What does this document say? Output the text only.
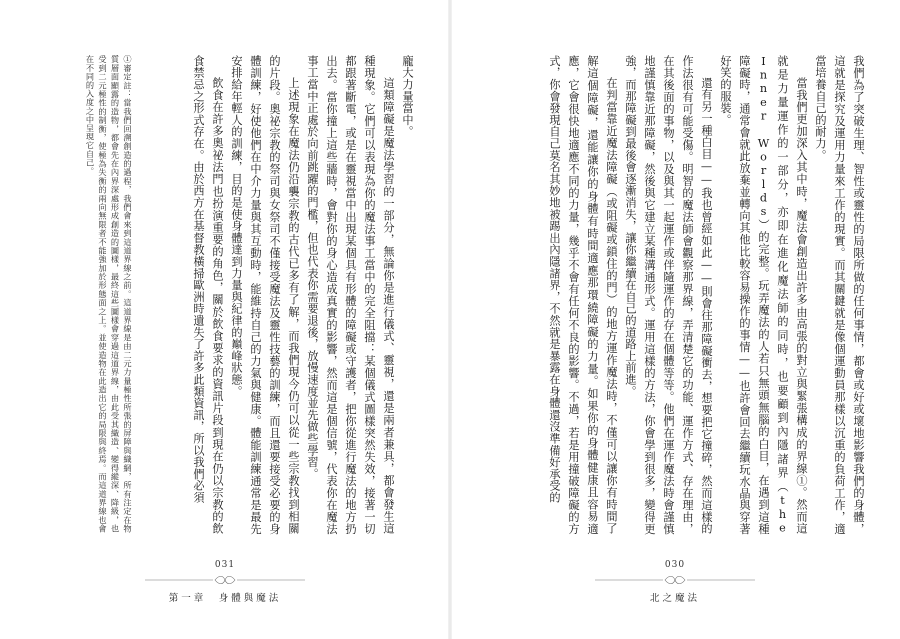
龐大力量當中。

這類障礙是魔法學習的一部分，無論你是進行儀式、靈視，還是兩者兼具，都會發生這種現象。它們可以表現為你的魔法事工當中的完全阻擋：某個儀式圖樣突然失效，接著一切都跟著斷電，或是在靈視當中出現某個具有形體的障礙或守護者，把你從進行魔法的地方扔出去。當你撞上這些牆時，會對你的身心造成真實的影響，然而這是個信號，代表你在魔法事工當中正處於向前跳躍的門檻，但也代表你需要退後，放慢速度並先做些學習。

上述現象在魔法仍沿襲宗教的古代已多有了解，而我們現今仍可以從一些宗教找到相關的片段。奧祕宗教的祭司與女祭司不僅接受魔法及靈性技藝的訓練，而且還要接受必要的身體訓練，好使他們在中介力量與其互動時，能維持自己的力氣與健康。體能訓練通常是最先安排給年輕人的訓練，目的是使身體達到力量與紀律的巔峰狀態。

飲食在許多奧祕法門也扮演重要的角色，關於飲食要求的資訊片段到現在仍以宗教的飲食禁忌之形式存在。由於西方在基督教橫掃歐洲時遺失了許多此類資訊，所以我們必須

①審定註：當我們回溯創造的過程，我們會來到這道界線之前。這道界線是由二元力量極性所張的屏障與織網，所有注定在物質層面顯露的造物，都會先在內界深處形成創造的圖樣，最終這些圖樣會穿過這道界線，由此受其織造、變得縱深、降級，也受到二元極性的制衡，使極為失衡的兩向無限者不能強加於形態面之上。並使造物在此造出它的局限與終焉。而這道界線也會在不同的入度之中呈現它自己。

031
第一章　身體與魔法

我們為了突破生理、智性或靈性的局限所做的任何事情，都會或好或壞地影響我們的身體，這就是探究及運用力量來工作的現實。而其關鍵就是像個運動員那樣以沉重的負荷工作，適當培養自己的耐力。

當我們更加深入其中時，魔法會創造出許多由高張的對立與緊張構成的界線①。然而這就是力量運作的一部分，亦即在進化魔法師的同時，也要顧到內隱諸界（the Inner Worlds）的完整。玩弄魔法的人若只無頭無腦的白目，在遇到這種障礙時，通常會就此放棄並轉向其他比較容易操作的事情——也許會回去繼續玩水晶與穿著好笑的服裝。

還有另一種白目——我也曾經如此——則會往那障礙衝去，想要把它撞碎，然而這樣的作法很有可能受傷。明智的魔法師會觀察那界線，弄清楚它的功能、運作方式、存在理由，在其後面的事物，以及與其一起運作或伴隨運作的存在個體等等。他們在運作魔法時會謹慎地謹慎靠近那障礙，然後與它建立某種溝通形式。運用這樣的方法，你會學到很多，變得更強，而那障礙到最後會逐漸消失，讓你繼續在自己的道路上前進。

在判當靠近魔法障礙（或阻礙或鎖住的門）的地方運作魔法時，不僅可以讓你有時間了解這個障礙，還能讓你的身體有時間適應那環繞障礙的力量。如果你的身體健康且容易適應，它會很快地適應不同的力量，幾乎不會有任何不良的影響。不過，若是用撞破障礙的方式，你會發現自己莫名其妙地被踢出內隱諸界，不然就是暴露在身體還沒準備好承受的

030
北之魔法
